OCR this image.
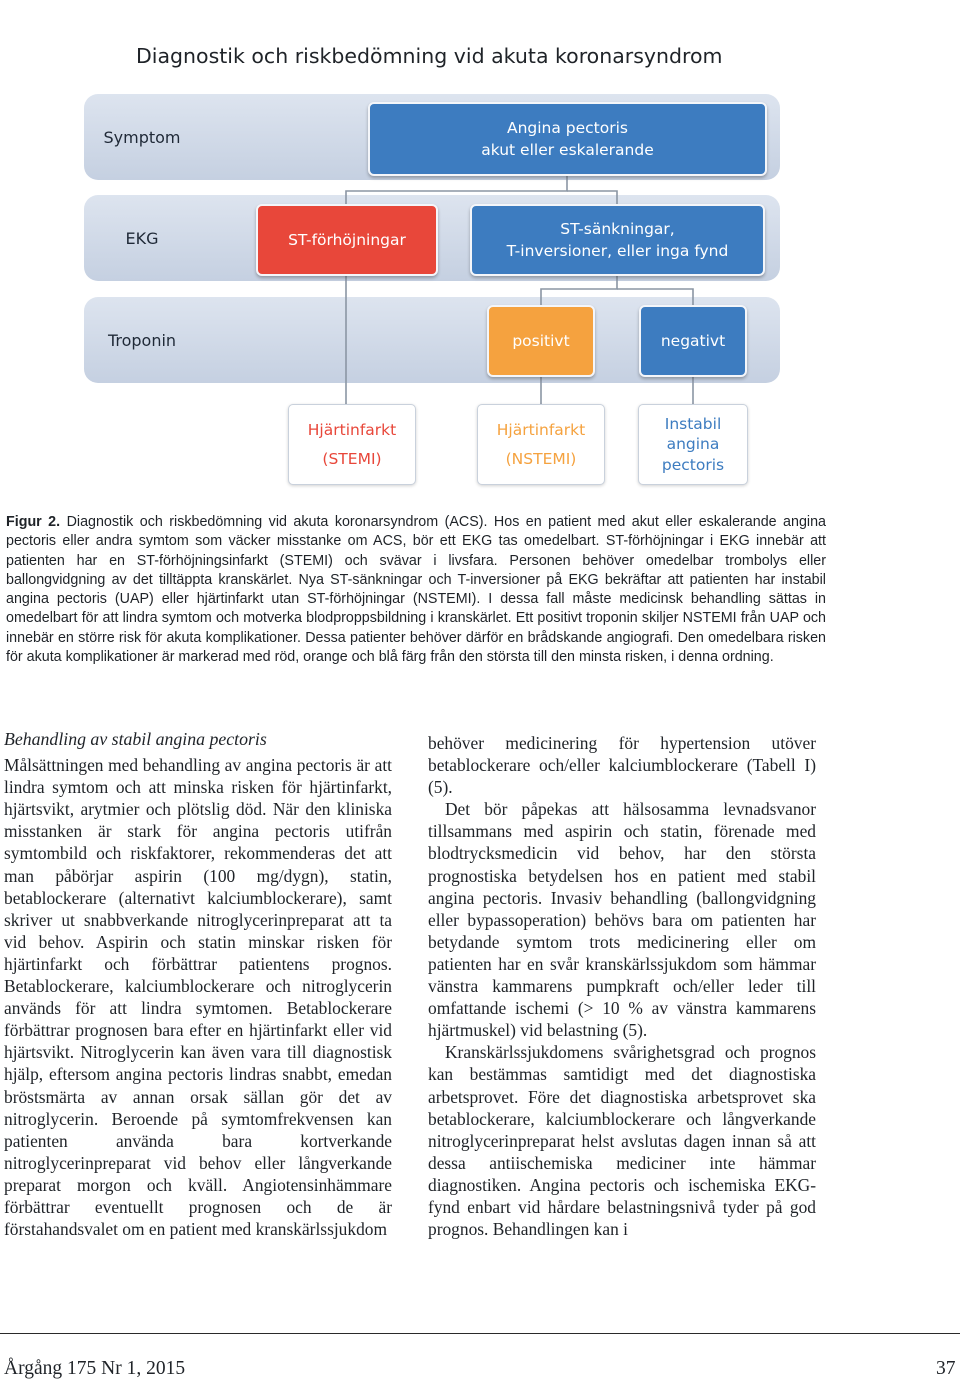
Diagnostik och riskbedömning vid akuta koronarsyndrom
Symptom
EKG
Troponin
Angina pectoris
akut eller eskalerande
ST-förhöjningar
ST-sänkningar,
T-inversioner, eller inga fynd
positivt	negativt
Hjärtinfarkt
(STEMI)
Hjärtinfarkt
(NSTEMI)
Instabil
angina
pectoris
Figur 2. Diagnostik och riskbedömning vid akuta koronarsyndrom (ACS). Hos en patient med akut eller eskalerande angina pectoris eller andra symtom som väcker misstanke om ACS, bör ett EKG tas omedelbart. ST-förhöjningar i EKG innebär att patienten har en ST-förhöjningsinfarkt (STEMI) och svävar i livsfara. Personen behöver omedelbar trombolys eller ballongvidgning av det tilltäppta kranskärlet. Nya ST-sänkningar och T-inversioner på EKG bekräftar att patienten har instabil angina pectoris (UAP) eller hjärtinfarkt utan ST-förhöjningar (NSTEMI). I dessa fall måste medicinsk behandling sättas in omedelbart för att lindra symtom och motverka blodproppsbildning i kranskärlet. Ett positivt troponin skiljer NSTEMI från UAP och innebär en större risk för akuta komplikationer. Dessa patienter behöver därför en brådskande angiografi. Den omedelbara risken för akuta komplikationer är markerad med röd, orange och blå färg från den största till den minsta risken, i denna ordning.

Behandling av stabil angina pectoris

Målsättningen med behandling av angina pectoris är att lindra symtom och att minska risken för hjärtinfarkt, hjärtsvikt, arytmier och plötslig död. När den kliniska misstanken är stark för angina pectoris utifrån symtombild och riskfaktorer, rekommenderas det att man påbörjar aspirin (100 mg/dygn), statin, betablockerare (alternativt kalciumblockerare), samt skriver ut snabbverkande nitroglycerinpreparat att ta vid behov. Aspirin och statin minskar risken för hjärtinfarkt och förbättrar patientens prognos. Betablockerare, kalciumblockerare och nitroglycerin används för att lindra symtomen. Betablockerare förbättrar prognosen bara efter en hjärtinfarkt eller vid hjärtsvikt. Nitroglycerin kan även vara till diagnostisk hjälp, eftersom angina pectoris lindras snabbt, emedan bröstsmärta av annan orsak sällan gör det av nitroglycerin. Beroende på symtomfrekvensen kan patienten använda bara kortverkande nitroglycerinpreparat vid behov eller långverkande preparat morgon och kväll. Angiotensinhämmare förbättrar eventuellt prognosen och de är förstahandsvalet om en patient med kranskärlssjukdom

behöver medicinering för hypertension utöver betablockerare och/eller kalciumblockerare (Tabell I) (5).

Det bör påpekas att hälsosamma levnadsvanor tillsammans med aspirin och statin, förenade med blodtrycksmedicin vid behov, har den största prognostiska betydelsen hos en patient med stabil angina pectoris. Invasiv behandling (ballongvidgning eller bypassoperation) behövs bara om patienten har betydande symtom trots medicinering eller om patienten har en svår kranskärlssjukdom som hämmar vänstra kammarens pumpkraft och/eller leder till omfattande ischemi (> 10 % av vänstra kammarens hjärtmuskel) vid belastning (5).

Kranskärlssjukdomens svårighetsgrad och prognos kan bestämmas samtidigt med det diagnostiska arbetsprovet. Före det diagnostiska arbetsprovet ska betablockerare, kalciumblockerare och långverkande nitroglycerinpreparat helst avslutas dagen innan så att dessa antiischemiska mediciner inte hämmar diagnostiken. Angina pectoris och ischemiska EKG-fynd enbart vid hårdare belastningsnivå tyder på god prognos. Behandlingen kan i

Årgång 175 Nr 1, 2015	37
